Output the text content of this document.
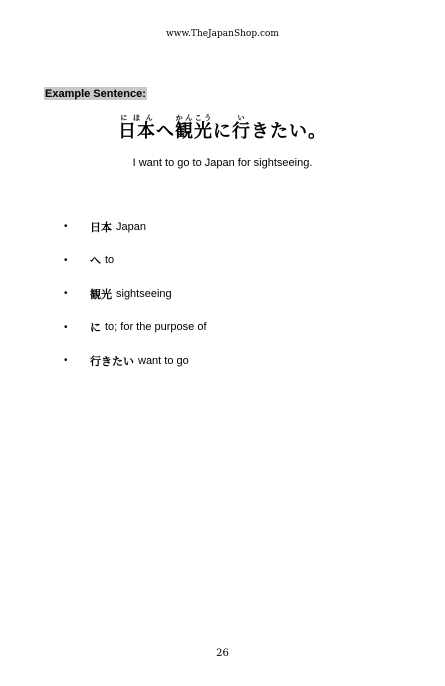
www.TheJapanShop.com
Example Sentence:
日本にほんへ観光かんこうに行いきたい。
I want to go to Japan for sightseeing.
•	日本 Japan
•	へ to
•	観光 sightseeing
•	に to; for the purpose of
•	行きたい want to go
26
